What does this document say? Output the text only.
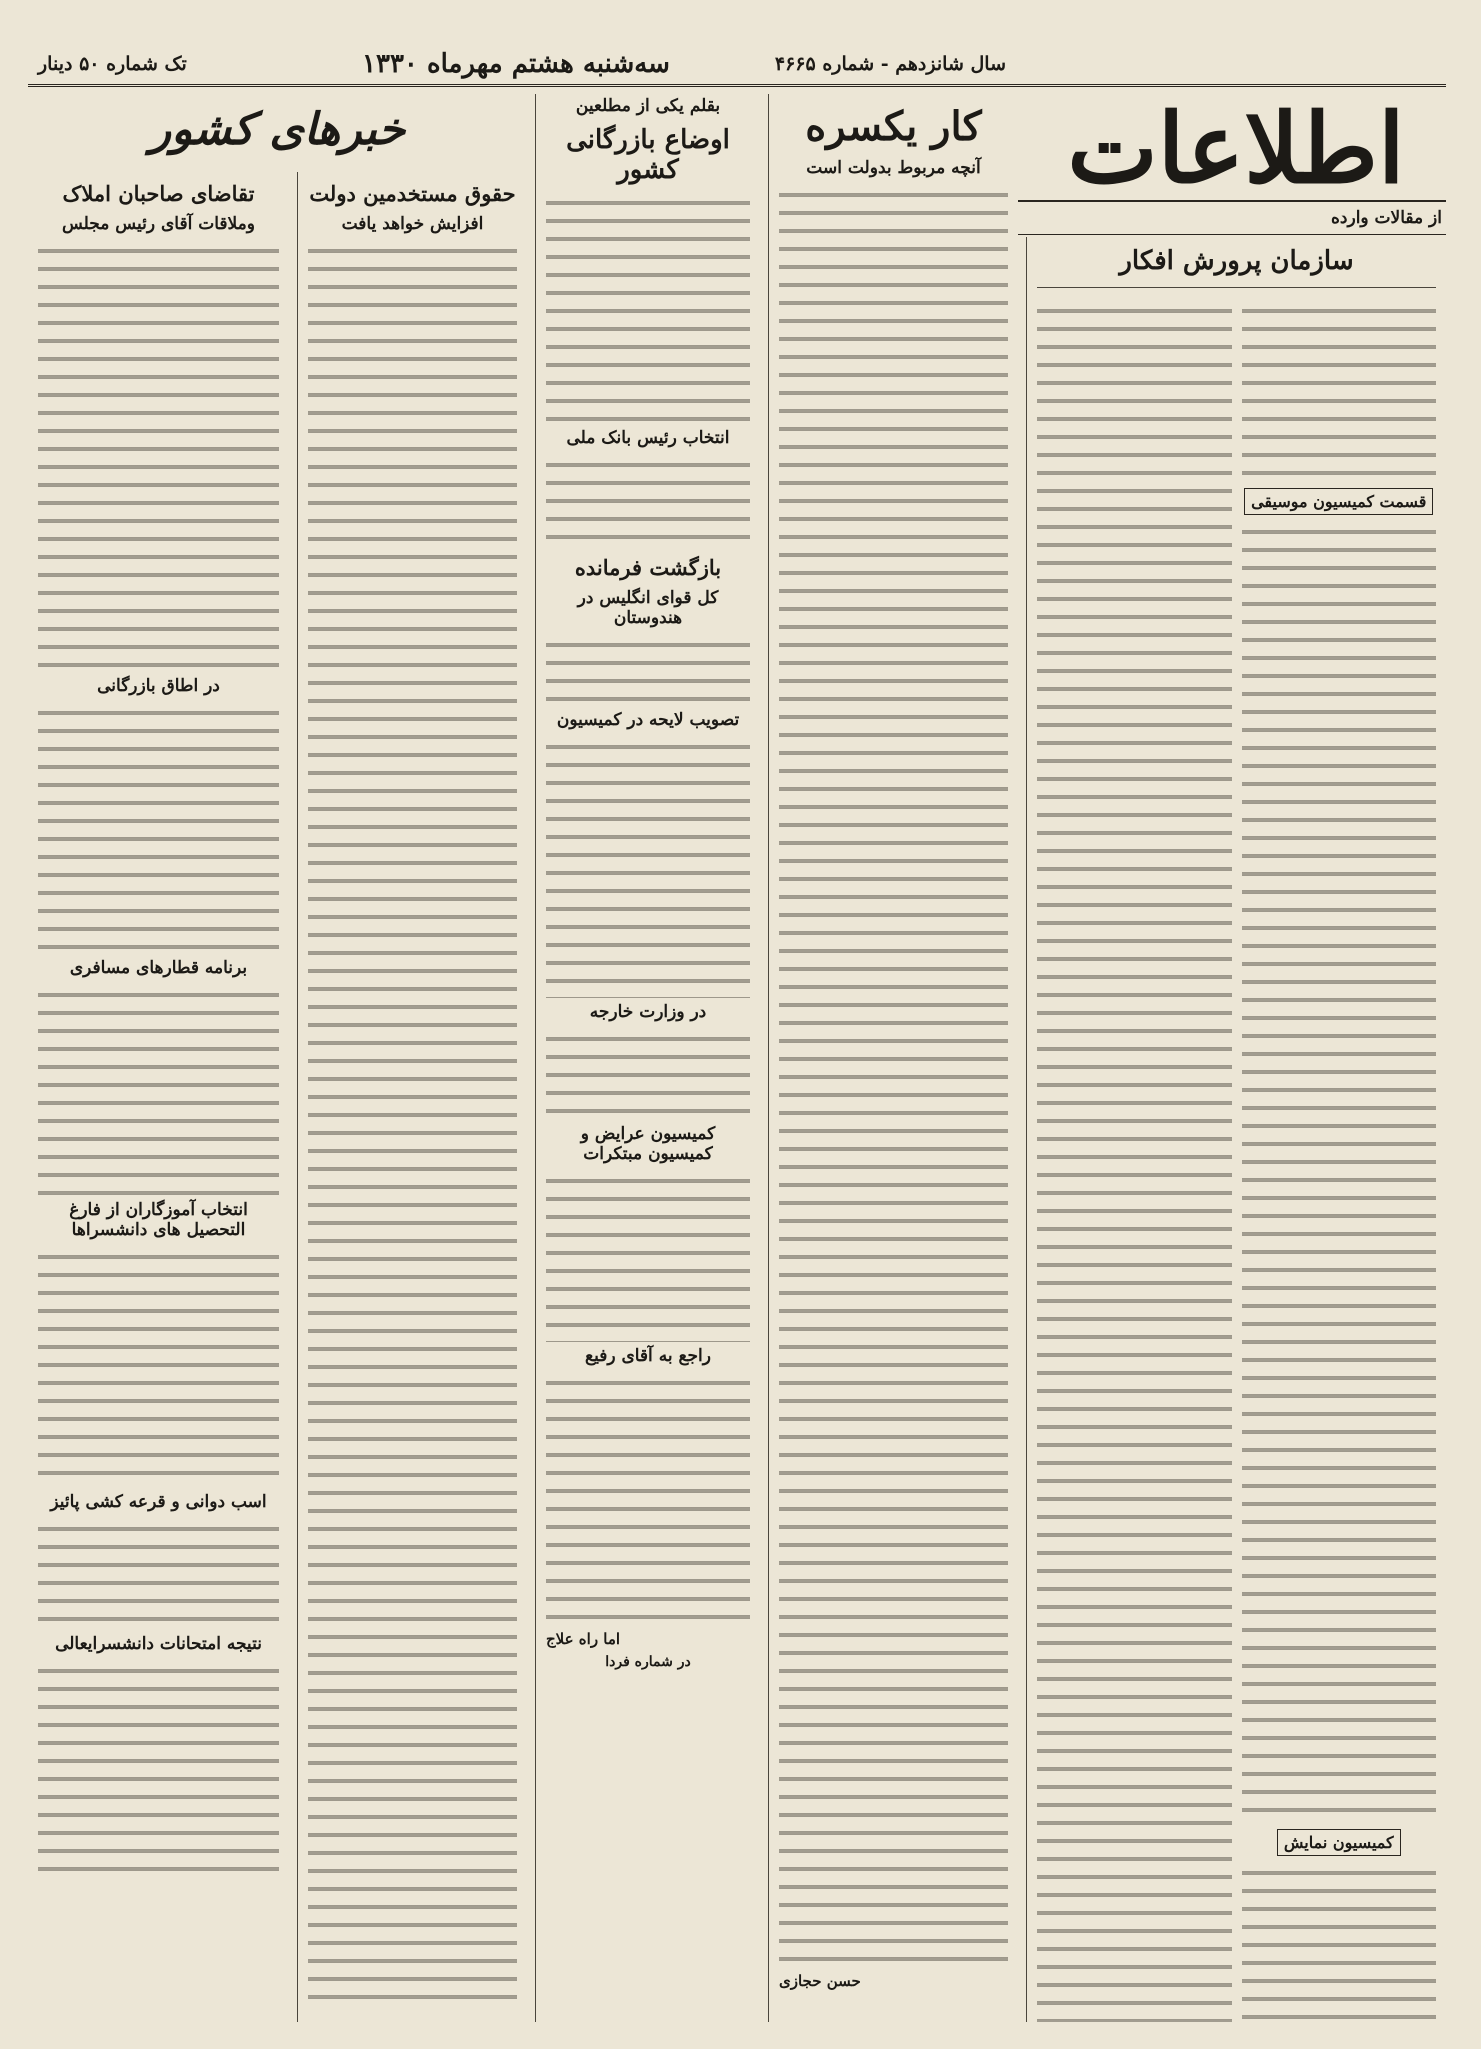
سال شانزدهم - شماره ۴۶۶۵
سه‌شنبه هشتم مهرماه ۱۳۳۰
تک شماره ۵۰ دینار
اطلاعات
از مقالات وارده
سازمان پرورش افکار
قسمت کمیسیون موسیقی
کمیسیون نمایش
کار یکسره
آنچه مربوط بدولت است
حسن حجازی
بقلم یکی از مطلعین
اوضاع بازرگانی کشور
انتخاب رئیس بانک ملی
بازگشت فرمانده
کل قوای انگلیس در هندوستان
تصویب لایحه در کمیسیون
در وزارت خارجه
کمیسیون عرایض و کمیسیون مبتکرات
راجع به آقای رفیع
اما راه علاج
در شماره فردا
خبرهای کشور
حقوق مستخدمین دولت
افزایش خواهد یافت
تقاضای صاحبان املاک
وملاقات آقای رئیس مجلس
در اطاق بازرگانی
برنامه قطارهای مسافری
انتخاب آموزگاران از فارغ التحصیل های دانشسراها
اسب دوانی و قرعه کشی پائیز
نتیجه امتحانات دانشسرایعالی
